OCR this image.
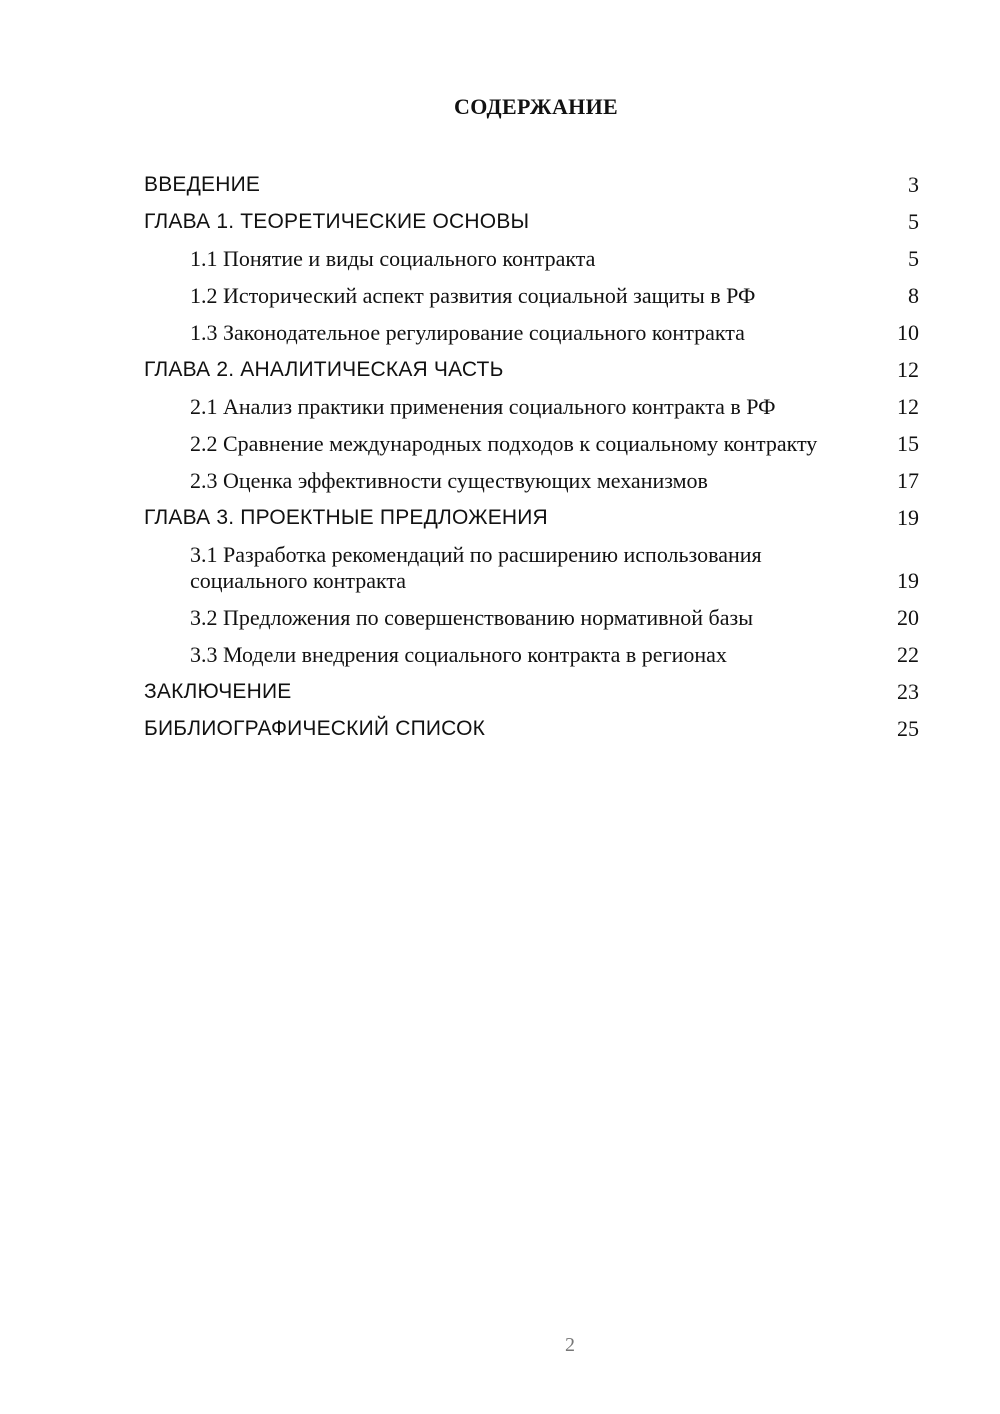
СОДЕРЖАНИЕ
ВВЕДЕНИЕ	3
ГЛАВА 1. ТЕОРЕТИЧЕСКИЕ ОСНОВЫ	5
1.1 Понятие и виды социального контракта	5
1.2 Исторический аспект развития социальной защиты в РФ	8
1.3 Законодательное регулирование социального контракта	10
ГЛАВА 2. АНАЛИТИЧЕСКАЯ ЧАСТЬ	12
2.1 Анализ практики применения социального контракта в РФ	12
2.2 Сравнение международных подходов к социальному контракту	15
2.3 Оценка эффективности существующих механизмов	17
ГЛАВА 3. ПРОЕКТНЫЕ ПРЕДЛОЖЕНИЯ	19
3.1 Разработка рекомендаций по расширению использования социального контракта	19
3.2 Предложения по совершенствованию нормативной базы	20
3.3 Модели внедрения социального контракта в регионах	22
ЗАКЛЮЧЕНИЕ	23
БИБЛИОГРАФИЧЕСКИЙ СПИСОК	25
2
